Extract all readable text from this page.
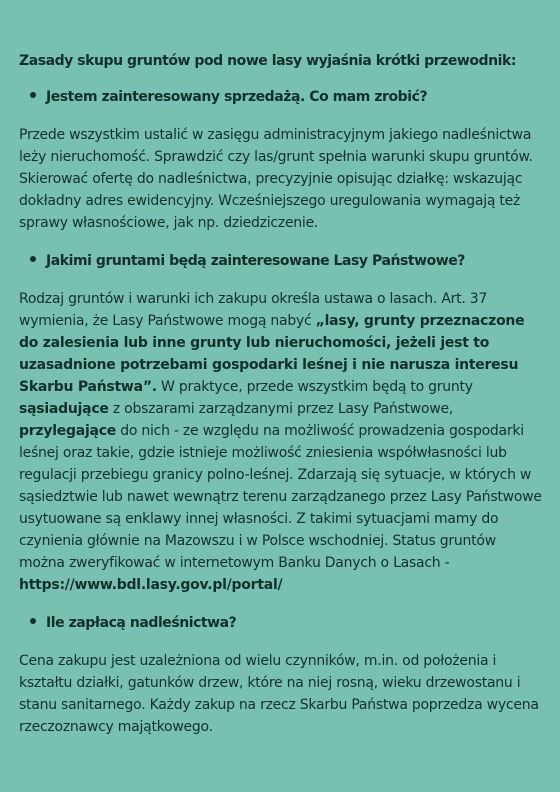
Zasady skupu gruntów pod nowe lasy wyjaśnia krótki przewodnik:
Jestem zainteresowany sprzedażą. Co mam zrobić?
Przede wszystkim ustalić w zasięgu administracyjnym jakiego nadleśnictwa leży nieruchomość. Sprawdzić czy las/grunt spełnia warunki skupu gruntów. Skierować ofertę do nadleśnictwa, precyzyjnie opisując działkę: wskazując dokładny adres ewidencyjny. Wcześniejszego uregulowania wymagają też sprawy własnościowe, jak np. dziedziczenie.
Jakimi gruntami będą zainteresowane Lasy Państwowe?
Rodzaj gruntów i warunki ich zakupu określa ustawa o lasach. Art. 37 wymienia, że Lasy Państwowe mogą nabyć „lasy, grunty przeznaczone do zalesienia lub inne grunty lub nieruchomości, jeżeli jest to uzasadnione potrzebami gospodarki leśnej i nie narusza interesu Skarbu Państwa”. W praktyce, przede wszystkim będą to grunty sąsiadujące z obszarami zarządzanymi przez Lasy Państwowe, przylegające do nich - ze względu na możliwość prowadzenia gospodarki leśnej oraz takie, gdzie istnieje możliwość zniesienia współwłasności lub regulacji przebiegu granicy polno-leśnej. Zdarzają się sytuacje, w których w sąsiedztwie lub nawet wewnątrz terenu zarządzanego przez Lasy Państwowe usytuowane są enklawy innej własności. Z takimi sytuacjami mamy do czynienia głównie na Mazowszu i w Polsce wschodniej. Status gruntów można zweryfikować w internetowym Banku Danych o Lasach - https://www.bdl.lasy.gov.pl/portal/
Ile zapłacą nadleśnictwa?
Cena zakupu jest uzależniona od wielu czynników, m.in. od położenia i kształtu działki, gatunków drzew, które na niej rosną, wieku drzewostanu i stanu sanitarnego. Każdy zakup na rzecz Skarbu Państwa poprzedza wycena rzeczoznawcy majątkowego.
